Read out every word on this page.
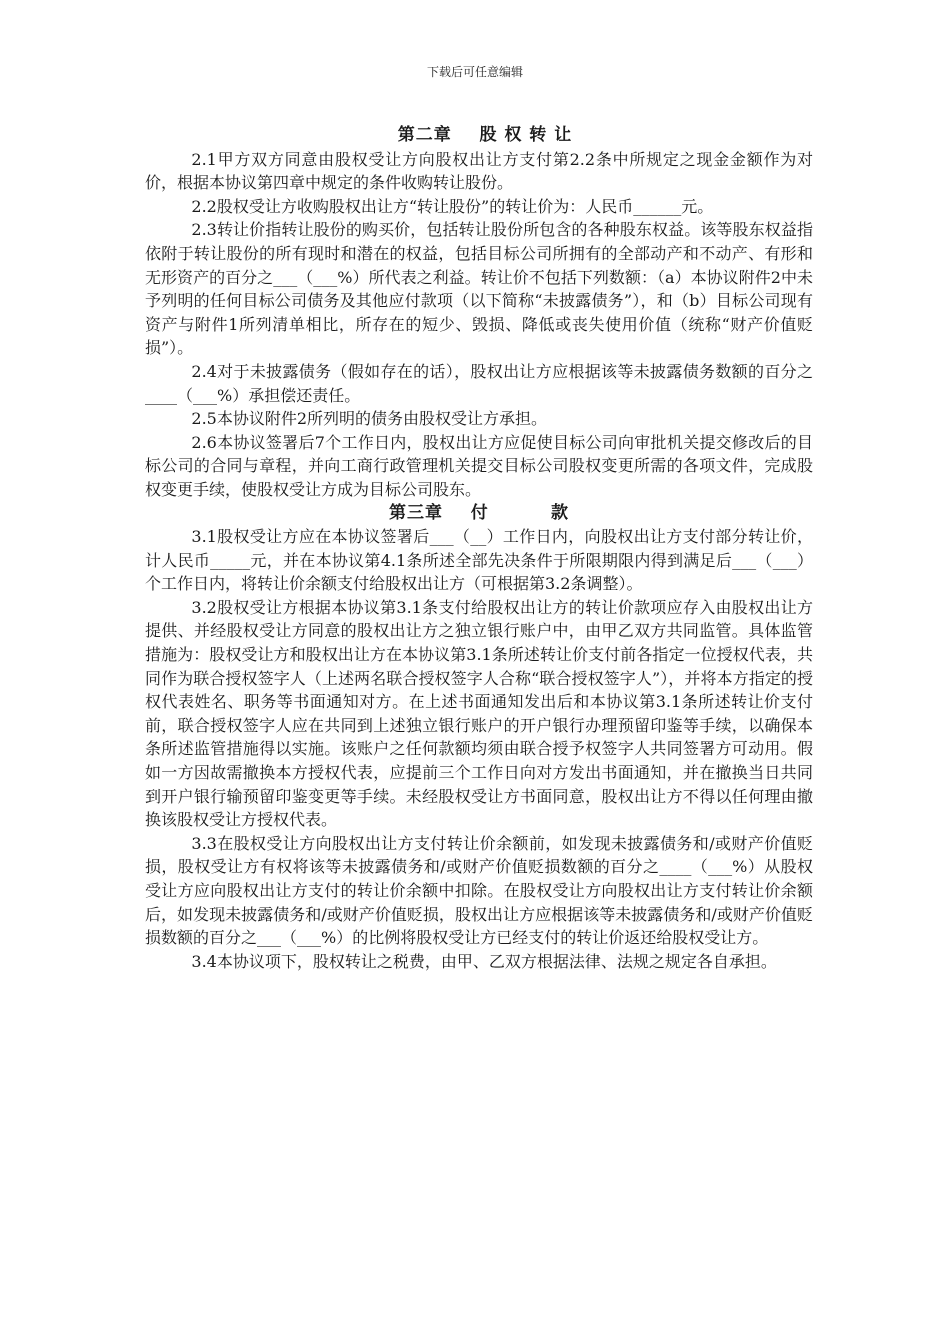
下载后可任意编辑
第二章    股 权 转 让

2.1甲方双方同意由股权受让方向股权出让方支付第2.2条中所规定之现金金额作为对价，根据本协议第四章中规定的条件收购转让股份。

2.2股权受让方收购股权出让方“转让股份”的转让价为：人民币______元。

2.3转让价指转让股份的购买价，包括转让股份所包含的各种股东权益。该等股东权益指依附于转让股份的所有现时和潜在的权益，包括目标公司所拥有的全部动产和不动产、有形和无形资产的百分之___（___%）所代表之利益。转让价不包括下列数额：（a）本协议附件2中未予列明的任何目标公司债务及其他应付款项（以下简称“未披露债务”），和（b）目标公司现有资产与附件1所列清单相比，所存在的短少、毁损、降低或丧失使用价值（统称“财产价值贬损”）。

2.4对于未披露债务（假如存在的话），股权出让方应根据该等未披露债务数额的百分之____（___%）承担偿还责任。

2.5本协议附件2所列明的债务由股权受让方承担。

2.6本协议签署后7个工作日内，股权出让方应促使目标公司向审批机关提交修改后的目标公司的合同与章程，并向工商行政管理机关提交目标公司股权变更所需的各项文件，完成股权变更手续，使股权受让方成为目标公司股东。

第三章    付         款

3.1股权受让方应在本协议签署后___（__）工作日内，向股权出让方支付部分转让价，计人民币_____元，并在本协议第4.1条所述全部先决条件于所限期限内得到满足后___（___）个工作日内，将转让价余额支付给股权出让方（可根据第3.2条调整）。

3.2股权受让方根据本协议第3.1条支付给股权出让方的转让价款项应存入由股权出让方提供、并经股权受让方同意的股权出让方之独立银行账户中，由甲乙双方共同监管。具体监管措施为：股权受让方和股权出让方在本协议第3.1条所述转让价支付前各指定一位授权代表，共同作为联合授权签字人（上述两名联合授权签字人合称“联合授权签字人”），并将本方指定的授权代表姓名、职务等书面通知对方。在上述书面通知发出后和本协议第3.1条所述转让价支付前，联合授权签字人应在共同到上述独立银行账户的开户银行办理预留印鉴等手续，以确保本条所述监管措施得以实施。该账户之任何款额均须由联合授予权签字人共同签署方可动用。假如一方因故需撤换本方授权代表，应提前三个工作日向对方发出书面通知，并在撤换当日共同到开户银行输预留印鉴变更等手续。未经股权受让方书面同意，股权出让方不得以任何理由撤换该股权受让方授权代表。

3.3在股权受让方向股权出让方支付转让价余额前，如发现未披露债务和/或财产价值贬损，股权受让方有权将该等未披露债务和/或财产价值贬损数额的百分之____（___%）从股权受让方应向股权出让方支付的转让价余额中扣除。在股权受让方向股权出让方支付转让价余额后，如发现未披露债务和/或财产价值贬损，股权出让方应根据该等未披露债务和/或财产价值贬损数额的百分之___（___%）的比例将股权受让方已经支付的转让价返还给股权受让方。

3.4本协议项下，股权转让之税费，由甲、乙双方根据法律、法规之规定各自承担。
